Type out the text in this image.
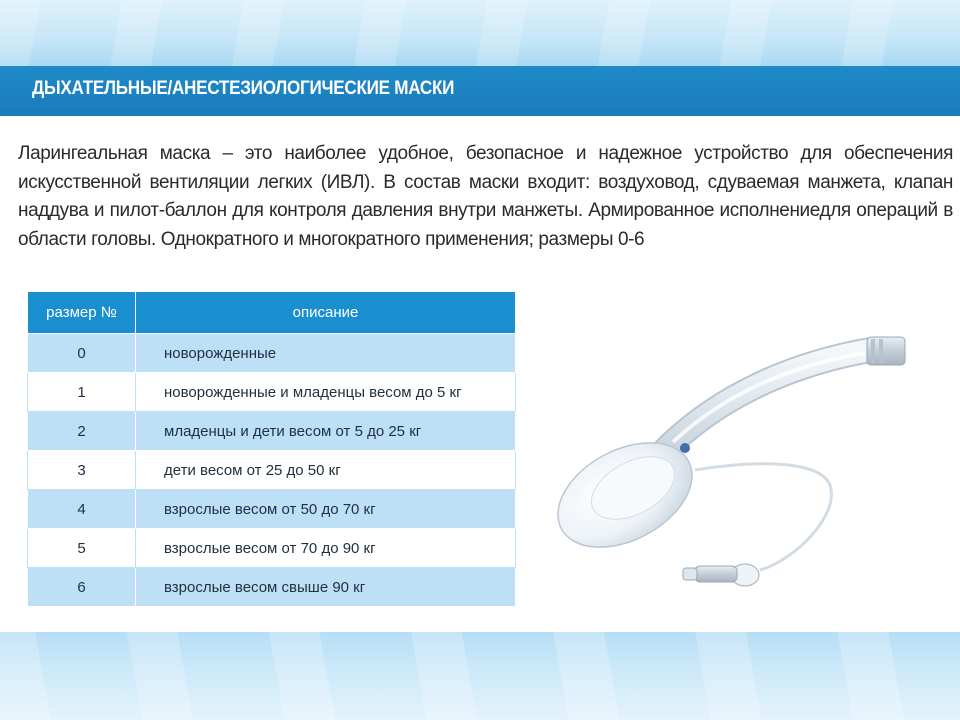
ДЫХАТЕЛЬНЫЕ/АНЕСТЕЗИОЛОГИЧЕСКИЕ МАСКИ
Ларингеальная маска – это наиболее удобное, безопасное и надежное устройство для обеспечения искусственной вентиляции легких (ИВЛ). В состав маски входит: воздуховод, сдуваемая манжета, клапан наддува и пилот-баллон для контроля давления внутри манжеты. Армированное исполнениедля операций в области головы. Однократного и многократного применения; размеры 0-6
размер №	описание
0	новорожденные
1	новорожденные и младенцы весом до 5 кг
2	младенцы и дети весом от 5 до 25 кг
3	дети весом от 25 до 50 кг
4	взрослые весом от 50 до 70 кг
5	взрослые весом от 70 до 90 кг
6	взрослые весом свыше 90 кг
